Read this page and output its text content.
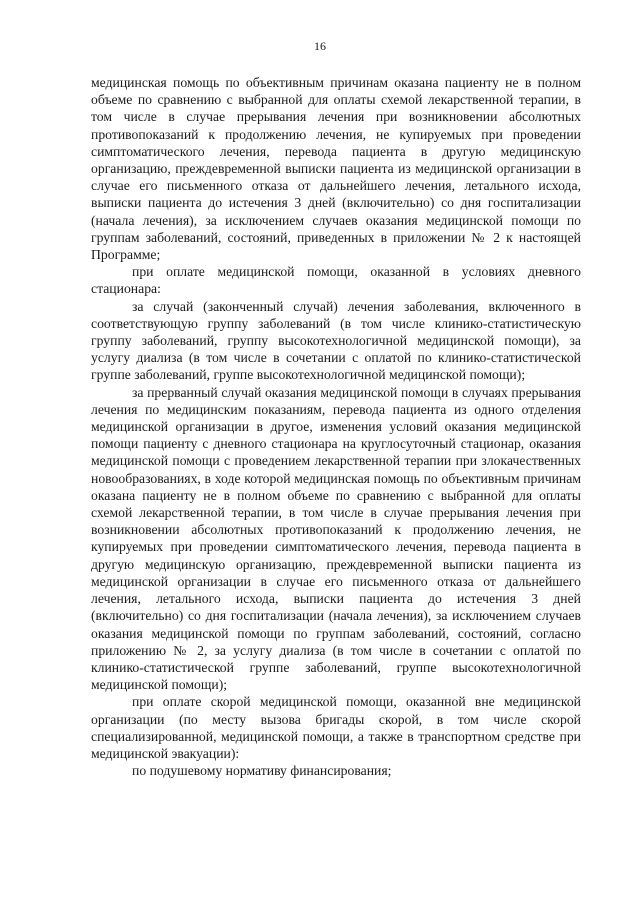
16

медицинская помощь по объективным причинам оказана пациенту не в полном объеме по сравнению с выбранной для оплаты схемой лекарственной терапии, в том числе в случае прерывания лечения при возникновении абсолютных противопоказаний к продолжению лечения, не купируемых при проведении симптоматического лечения, перевода пациента в другую медицинскую организацию, преждевременной выписки пациента из медицинской организации в случае его письменного отказа от дальнейшего лечения, летального исхода, выписки пациента до истечения 3 дней (включительно) со дня госпитализации (начала лечения), за исключением случаев оказания медицинской помощи по группам заболеваний, состояний, приведенных в приложении № 2 к настоящей Программе;

при оплате медицинской помощи, оказанной в условиях дневного стационара:

за случай (законченный случай) лечения заболевания, включенного в соответствующую группу заболеваний (в том числе клинико-статистическую группу заболеваний, группу высокотехнологичной медицинской помощи), за услугу диализа (в том числе в сочетании с оплатой по клинико-статистической группе заболеваний, группе высокотехнологичной медицинской помощи);

за прерванный случай оказания медицинской помощи в случаях прерывания лечения по медицинским показаниям, перевода пациента из одного отделения медицинской организации в другое, изменения условий оказания медицинской помощи пациенту с дневного стационара на круглосуточный стационар, оказания медицинской помощи с проведением лекарственной терапии при злокачественных новообразованиях, в ходе которой медицинская помощь по объективным причинам оказана пациенту не в полном объеме по сравнению с выбранной для оплаты схемой лекарственной терапии, в том числе в случае прерывания лечения при возникновении абсолютных противопоказаний к продолжению лечения, не купируемых при проведении симптоматического лечения, перевода пациента в другую медицинскую организацию, преждевременной выписки пациента из медицинской организации в случае его письменного отказа от дальнейшего лечения, летального исхода, выписки пациента до истечения 3 дней (включительно) со дня госпитализации (начала лечения), за исключением случаев оказания медицинской помощи по группам заболеваний, состояний, согласно приложению № 2, за услугу диализа (в том числе в сочетании с оплатой по клинико-статистической группе заболеваний, группе высокотехнологичной медицинской помощи);

при оплате скорой медицинской помощи, оказанной вне медицинской организации (по месту вызова бригады скорой, в том числе скорой специализированной, медицинской помощи, а также в транспортном средстве при медицинской эвакуации):

по подушевому нормативу финансирования;
